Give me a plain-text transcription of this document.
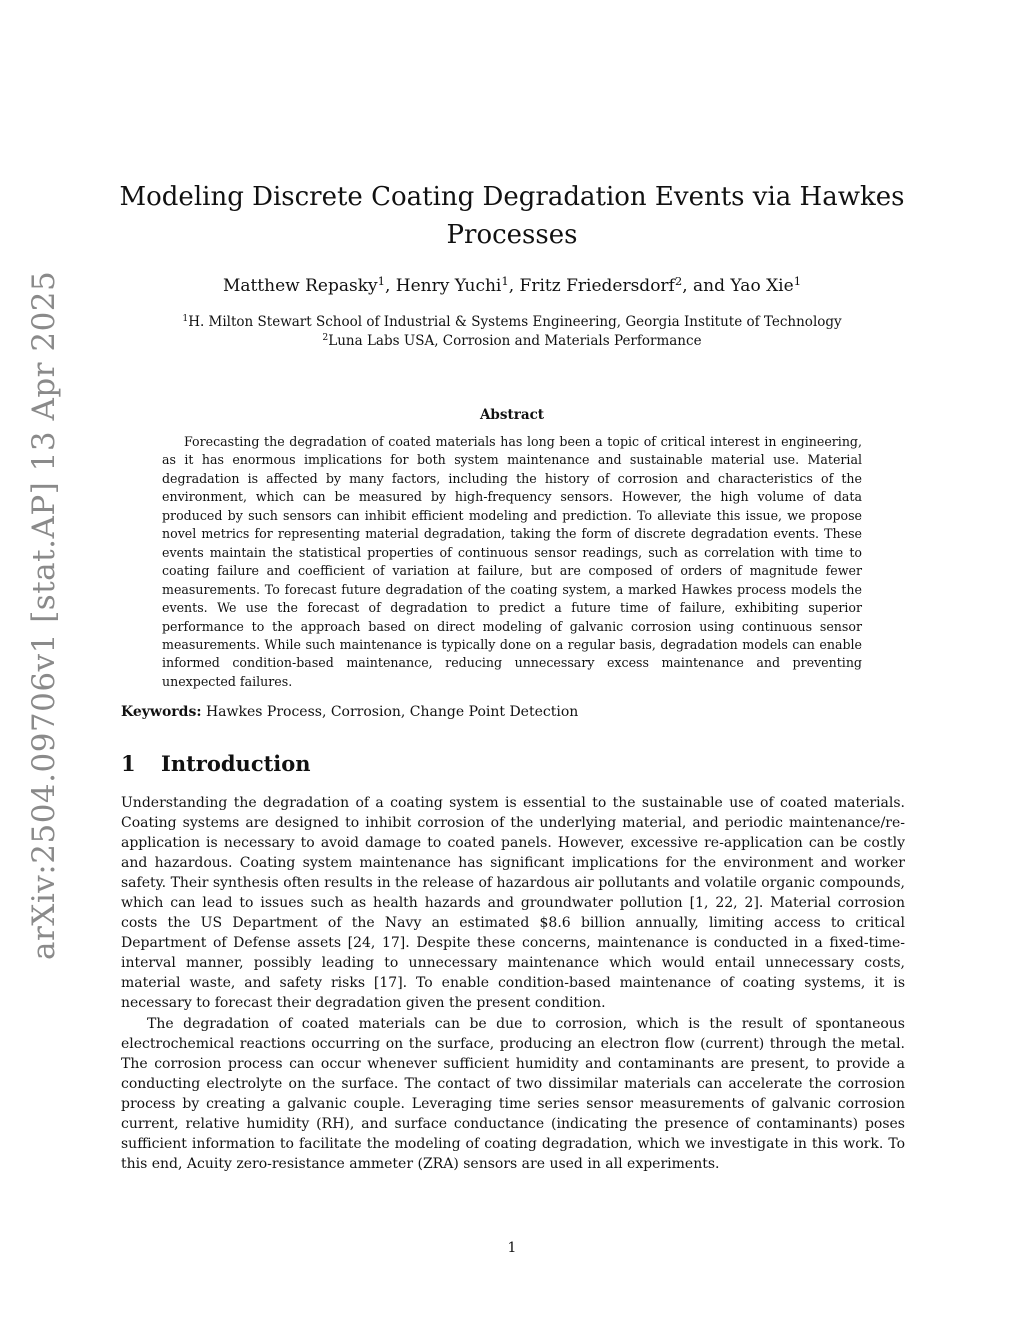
arXiv:2504.09706v1 [stat.AP] 13 Apr 2025
Modeling Discrete Coating Degradation Events via Hawkes Processes
Matthew Repasky$^1$, Henry Yuchi$^1$, Fritz Friedersdorf$^2$, and Yao Xie$^1$
$^1$H. Milton Stewart School of Industrial & Systems Engineering, Georgia Institute of Technology
$^2$Luna Labs USA, Corrosion and Materials Performance
Abstract

Forecasting the degradation of coated materials has long been a topic of critical interest in engineering, as it has enormous implications for both system maintenance and sustainable material use. Material degradation is affected by many factors, including the history of corrosion and characteristics of the environment, which can be measured by high-frequency sensors. However, the high volume of data produced by such sensors can inhibit efficient modeling and prediction. To alleviate this issue, we propose novel metrics for representing material degradation, taking the form of discrete degradation events. These events maintain the statistical properties of continuous sensor readings, such as correlation with time to coating failure and coefficient of variation at failure, but are composed of orders of magnitude fewer measurements. To forecast future degradation of the coating system, a marked Hawkes process models the events. We use the forecast of degradation to predict a future time of failure, exhibiting superior performance to the approach based on direct modeling of galvanic corrosion using continuous sensor measurements. While such maintenance is typically done on a regular basis, degradation models can enable informed condition-based maintenance, reducing unnecessary excess maintenance and preventing unexpected failures.

Keywords: Hawkes Process, Corrosion, Change Point Detection

1 Introduction

Understanding the degradation of a coating system is essential to the sustainable use of coated materials. Coating systems are designed to inhibit corrosion of the underlying material, and periodic maintenance/re-application is necessary to avoid damage to coated panels. However, excessive re-application can be costly and hazardous. Coating system maintenance has significant implications for the environment and worker safety. Their synthesis often results in the release of hazardous air pollutants and volatile organic compounds, which can lead to issues such as health hazards and groundwater pollution [1, 22, 2]. Material corrosion costs the US Department of the Navy an estimated $8.6 billion annually, limiting access to critical Department of Defense assets [24, 17]. Despite these concerns, maintenance is conducted in a fixed-time-interval manner, possibly leading to unnecessary maintenance which would entail unnecessary costs, material waste, and safety risks [17]. To enable condition-based maintenance of coating systems, it is necessary to forecast their degradation given the present condition.

The degradation of coated materials can be due to corrosion, which is the result of spontaneous electrochemical reactions occurring on the surface, producing an electron flow (current) through the metal. The corrosion process can occur whenever sufficient humidity and contaminants are present, to provide a conducting electrolyte on the surface. The contact of two dissimilar materials can accelerate the corrosion process by creating a galvanic couple. Leveraging time series sensor measurements of galvanic corrosion current, relative humidity (RH), and surface conductance (indicating the presence of contaminants) poses sufficient information to facilitate the modeling of coating degradation, which we investigate in this work. To this end, Acuity zero-resistance ammeter (ZRA) sensors are used in all experiments.

1
